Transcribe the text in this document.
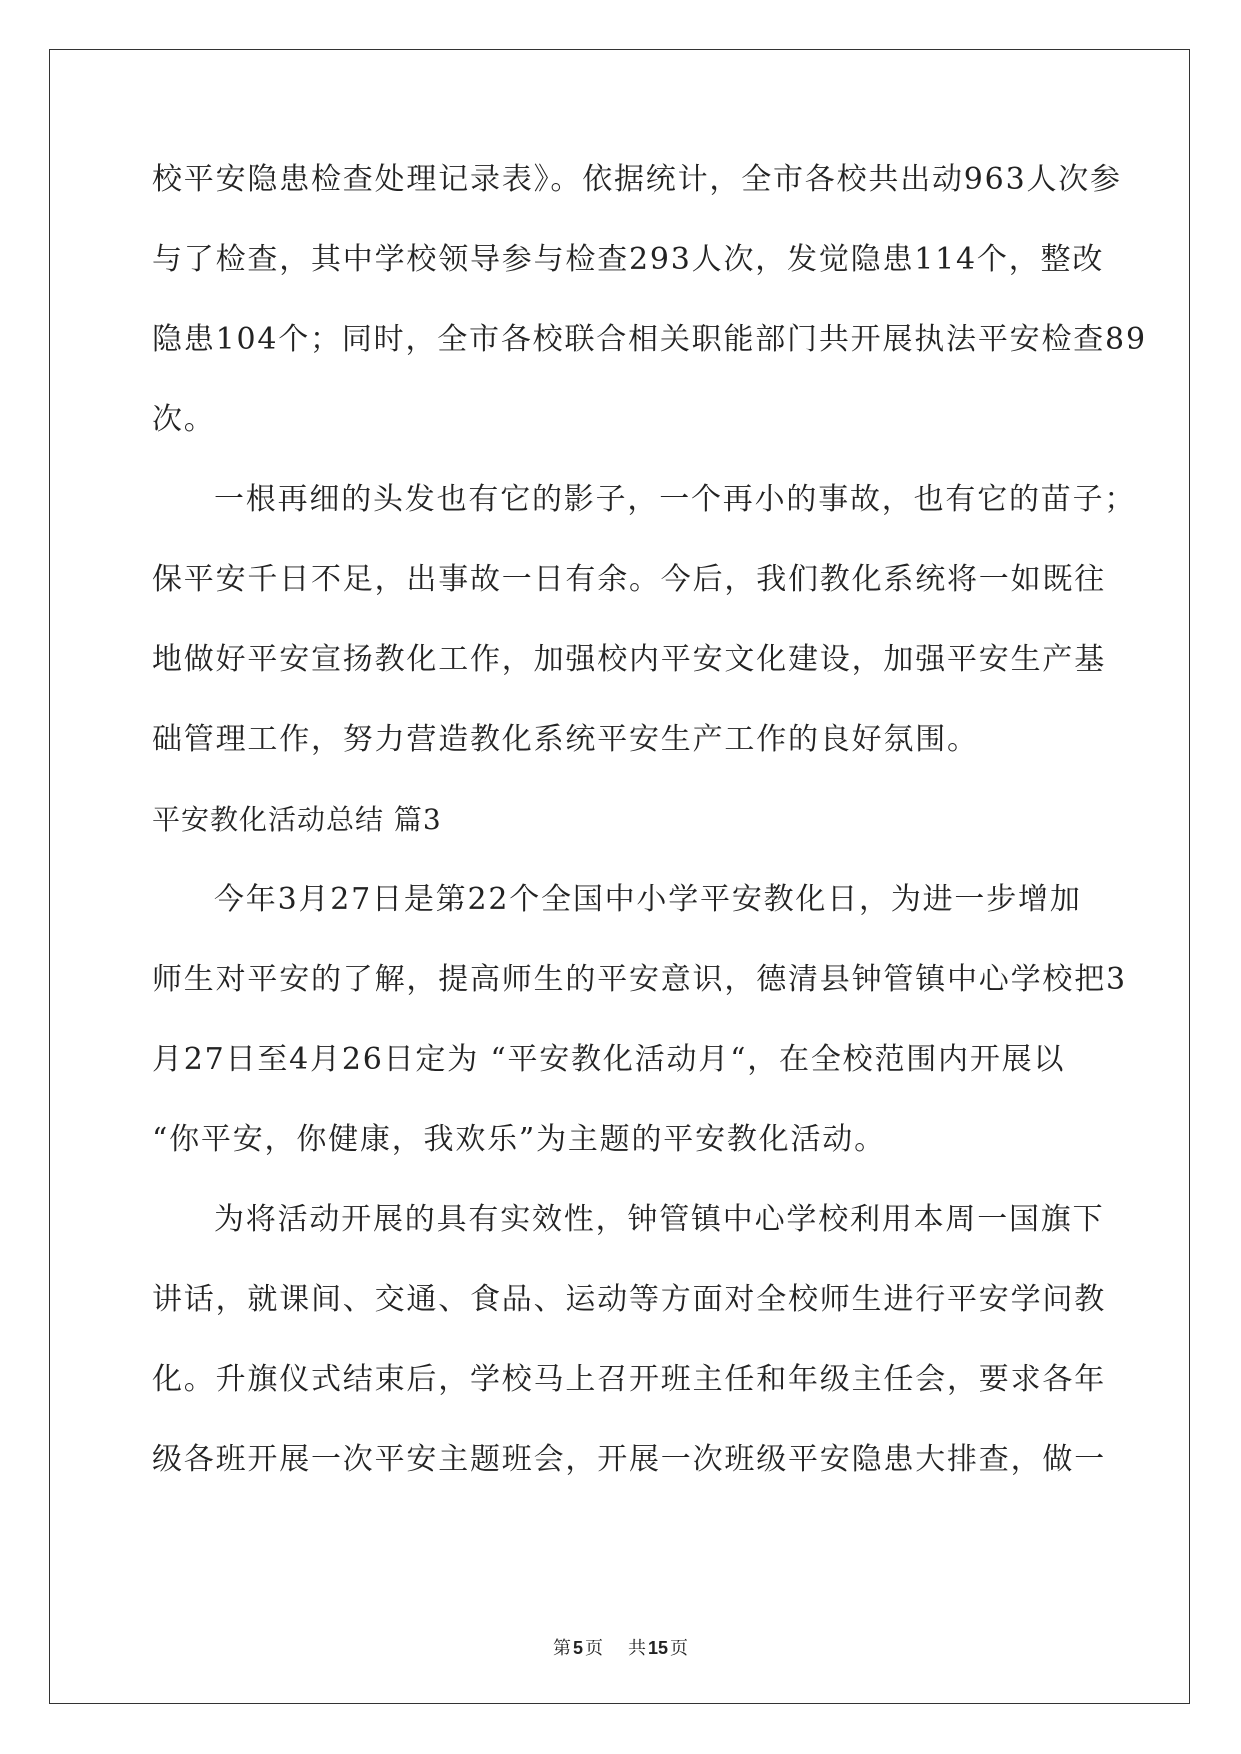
校平安隐患检查处理记录表》。依据统计，全市各校共出动963人次参
与了检查，其中学校领导参与检查293人次，发觉隐患114个，整改
隐患104个；同时，全市各校联合相关职能部门共开展执法平安检查89
次。
一根再细的头发也有它的影子，一个再小的事故，也有它的苗子；
保平安千日不足，出事故一日有余。今后，我们教化系统将一如既往
地做好平安宣扬教化工作，加强校内平安文化建设，加强平安生产基
础管理工作，努力营造教化系统平安生产工作的良好氛围。
平安教化活动总结 篇3
今年3月27日是第22个全国中小学平安教化日，为进一步增加
师生对平安的了解，提高师生的平安意识，德清县钟管镇中心学校把3
月27日至4月26日定为 “平安教化活动月“，在全校范围内开展以
“你平安，你健康，我欢乐”为主题的平安教化活动。
为将活动开展的具有实效性，钟管镇中心学校利用本周一国旗下
讲话，就课间、交通、食品、运动等方面对全校师生进行平安学问教
化。升旗仪式结束后，学校马上召开班主任和年级主任会，要求各年
级各班开展一次平安主题班会，开展一次班级平安隐患大排查，做一
第 5 页 共 15 页
